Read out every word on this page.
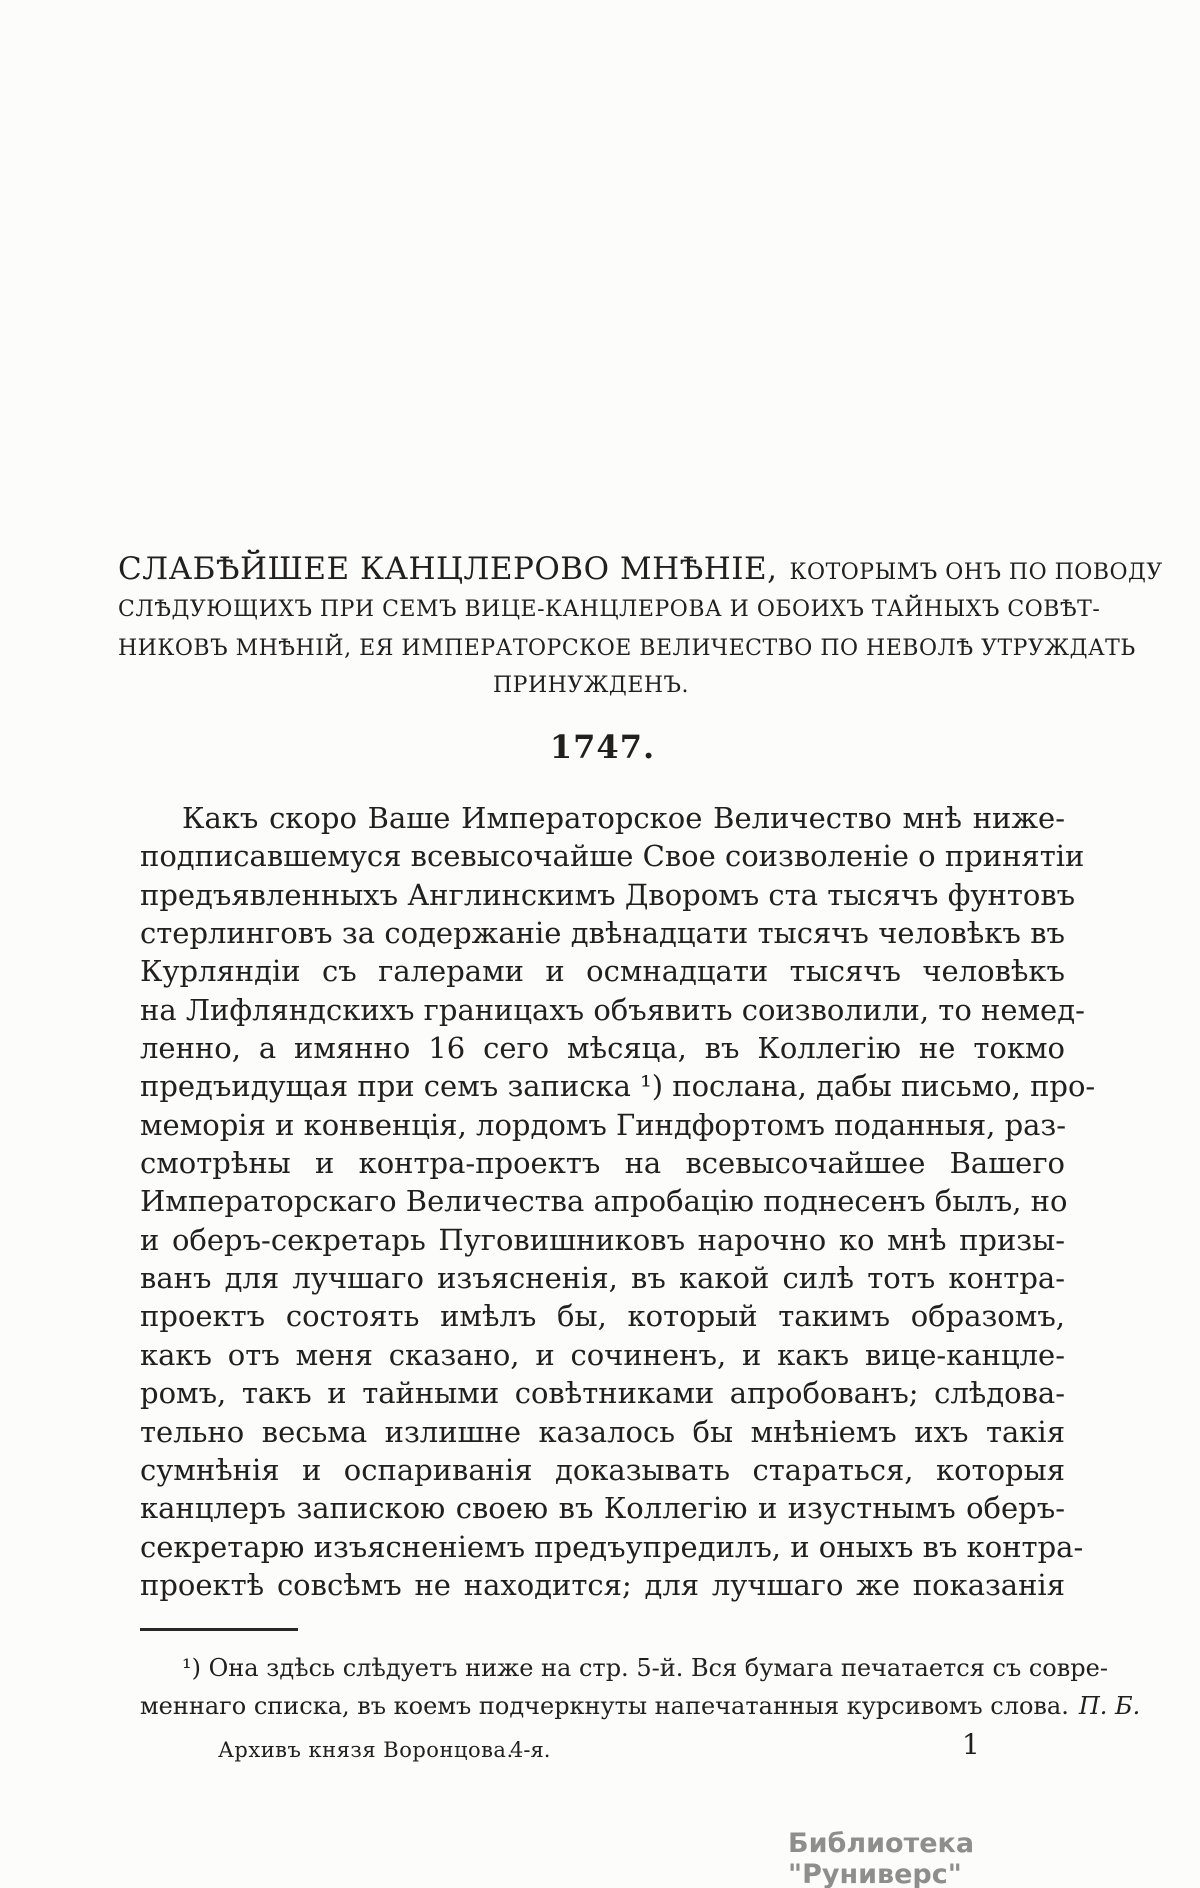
СЛАБѢЙШЕЕ КАНЦЛЕРОВО МНѢНІЕ, КОТОРЫМЪ ОНЪ ПО ПОВОДУ
СЛѢДУЮЩИХЪ ПРИ СЕМЪ ВИЦЕ-КАНЦЛЕРОВА И ОБОИХЪ ТАЙНЫХЪ СОВѢТ-
НИКОВЪ МНѢНІЙ, ЕЯ ИМПЕРАТОРСКОЕ ВЕЛИЧЕСТВО ПО НЕВОЛѢ УТРУЖДАТЬ
ПРИНУЖДЕНЪ.
1747.
Какъ скоро Ваше Императорское Величество мнѣ ниже-
подписавшемуся всевысочайше Свое соизволеніе о принятіи
предъявленныхъ Англинскимъ Дворомъ ста тысячъ фунтовъ
стерлинговъ за содержаніе двѣнадцати тысячъ человѣкъ въ
Курляндіи съ галерами и осмнадцати тысячъ человѣкъ
на Лифляндскихъ границахъ объявить соизволили, то немед-
ленно, а имянно 16 сего мѣсяца, въ Коллегію не токмо
предъидущая при семъ записка ¹) послана, дабы письмо, про-
меморія и конвенція, лордомъ Гиндфортомъ поданныя, раз-
смотрѣны и контра-проектъ на всевысочайшее Вашего
Императорскаго Величества апробацію поднесенъ былъ, но
и оберъ-секретарь Пуговишниковъ нарочно ко мнѣ призы-
ванъ для лучшаго изъясненія, въ какой силѣ тотъ контра-
проектъ состоять имѣлъ бы, который такимъ образомъ,
какъ отъ меня сказано, и сочиненъ, и какъ вице-канцле-
ромъ, такъ и тайными совѣтниками апробованъ; слѣдова-
тельно весьма излишне казалось бы мнѣніемъ ихъ такія
сумнѣнія и оспариванія доказывать стараться, которыя
канцлеръ запискою своею въ Коллегію и изустнымъ оберъ-
секретарю изъясненіемъ предъупредилъ, и оныхъ въ контра-
проектѣ совсѣмъ не находится; для лучшаго же показанія
¹) Она здѣсь слѣдуетъ ниже на стр. 5-й. Вся бумага печатается съ совре-
меннаго списка, въ коемъ подчеркнуты напечатанныя курсивомъ слова. П. Б.
Архивъ князя Воронцова.
4-я.	1
Библиотека "Руниверс"
